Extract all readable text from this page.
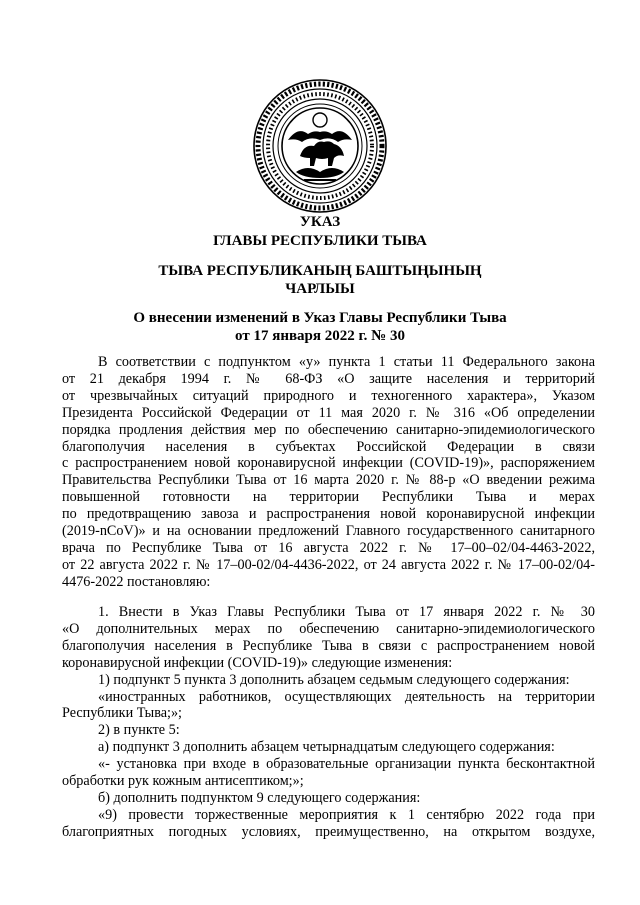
УКАЗ
ГЛАВЫ РЕСПУБЛИКИ ТЫВА
ТЫВА РЕСПУБЛИКАНЫҢ БАШТЫҢЫНЫҢ
ЧАРЛЫЫ
О внесении изменений в Указ Главы Республики Тыва
от 17 января 2022 г. № 30

В соответствии с подпунктом «у» пункта 1 статьи 11 Федерального закона

от 21 декабря 1994 г. № 68-ФЗ «О защите населения и территорий

от чрезвычайных ситуаций природного и техногенного характера», Указом

Президента Российской Федерации от 11 мая 2020 г. № 316 «Об определении

порядка продления действия мер по обеспечению санитарно-эпидемиологического

благополучия населения в субъектах Российской Федерации в связи

с распространением новой коронавирусной инфекции (COVID-19)», распоряжением

Правительства Республики Тыва от 16 марта 2020 г. № 88-р «О введении режима

повышенной готовности на территории Республики Тыва и мерах

по предотвращению завоза и распространения новой коронавирусной инфекции

(2019-nCoV)» и на основании предложений Главного государственного санитарного

врача по Республике Тыва от 16 августа 2022 г. № 17–00–02/04-4463-2022,

от 22 августа 2022 г. № 17–00-02/04-4436-2022, от 24 августа 2022 г. № 17–00-02/04-

4476-2022 постановляю:

1. Внести в Указ Главы Республики Тыва от 17 января 2022 г. № 30

«О дополнительных мерах по обеспечению санитарно-эпидемиологического

благополучия населения в Республике Тыва в связи с распространением новой

коронавирусной инфекции (COVID-19)» следующие изменения:

1) подпункт 5 пункта 3 дополнить абзацем седьмым следующего содержания:

«иностранных работников, осуществляющих деятельность на территории

Республики Тыва;»;

2) в пункте 5:

а) подпункт 3 дополнить абзацем четырнадцатым следующего содержания:

«- установка при входе в образовательные организации пункта бесконтактной

обработки рук кожным антисептиком;»;

б) дополнить подпунктом 9 следующего содержания:

«9) провести торжественные мероприятия к 1 сентябрю 2022 года при

благоприятных погодных условиях, преимущественно, на открытом воздухе,
